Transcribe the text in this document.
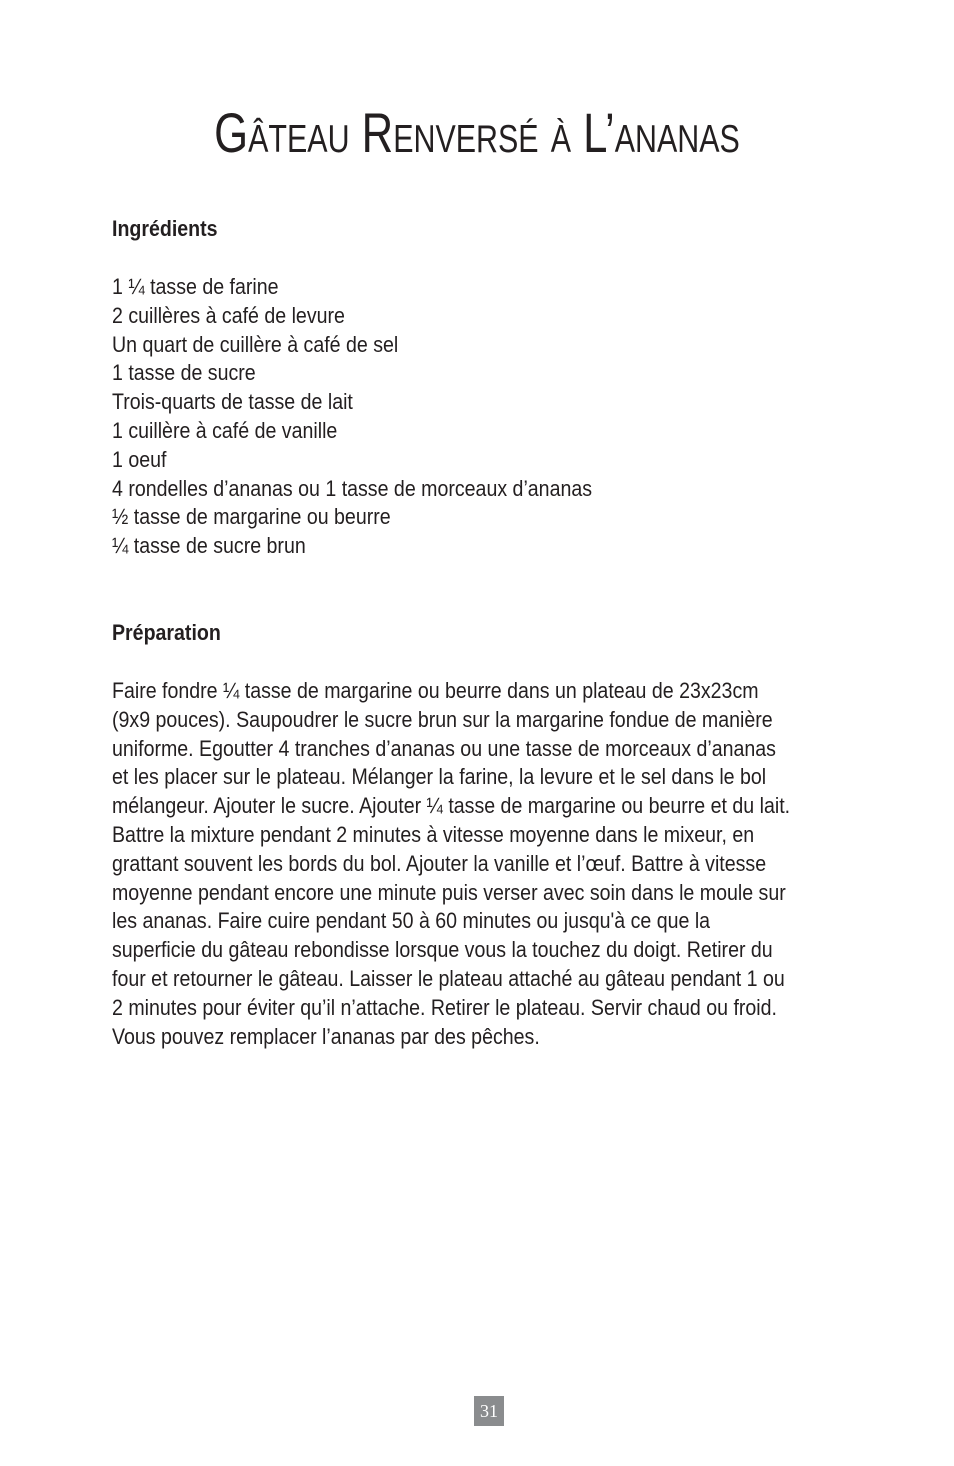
Gâteau Renversé à L’ananas
Ingrédients
1 ¼ tasse de farine
2 cuillères à café de levure
Un quart de cuillère à café de sel
1 tasse de sucre
Trois-quarts de tasse de lait
1 cuillère à café de vanille
1 oeuf
4 rondelles d’ananas ou 1 tasse de morceaux d’ananas
½ tasse de margarine ou beurre
¼ tasse de sucre brun
Préparation
Faire fondre ¼ tasse de margarine ou beurre dans un plateau de 23x23cm
(9x9 pouces). Saupoudrer le sucre brun sur la margarine fondue de manière
uniforme. Egoutter 4 tranches d’ananas ou une tasse de morceaux d’ananas
et les placer sur le plateau. Mélanger la farine, la levure et le sel dans le bol
mélangeur. Ajouter le sucre. Ajouter ¼ tasse de margarine ou beurre et du lait.
Battre la mixture pendant 2 minutes à vitesse moyenne dans le mixeur, en
grattant souvent les bords du bol. Ajouter la vanille et l’œuf. Battre à vitesse
moyenne pendant encore une minute puis verser avec soin dans le moule sur
les ananas. Faire cuire pendant 50 à 60 minutes ou jusqu'à ce que la
superficie du gâteau rebondisse lorsque vous la touchez du doigt. Retirer du
four et retourner le gâteau. Laisser le plateau attaché au gâteau pendant 1 ou
2 minutes pour éviter qu’il n’attache. Retirer le plateau. Servir chaud ou froid.
Vous pouvez remplacer l’ananas par des pêches.
31
